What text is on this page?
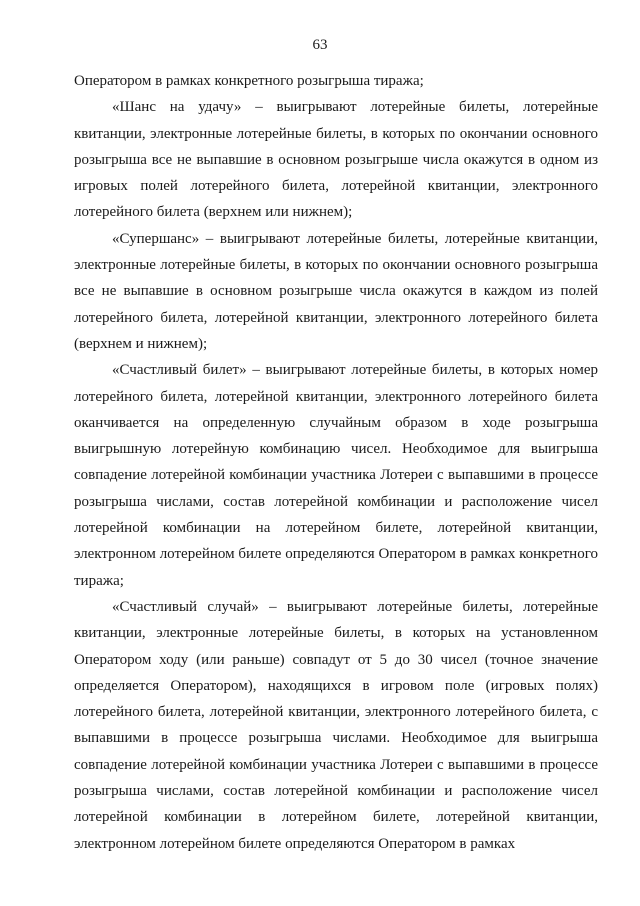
63

Оператором в рамках конкретного розыгрыша тиража;

«Шанс на удачу» – выигрывают лотерейные билеты, лотерейные квитанции, электронные лотерейные билеты, в которых по окончании основного розыгрыша все не выпавшие в основном розыгрыше числа окажутся в одном из игровых полей лотерейного билета, лотерейной квитанции, электронного лотерейного билета (верхнем или нижнем);

«Супершанс» – выигрывают лотерейные билеты, лотерейные квитанции, электронные лотерейные билеты, в которых по окончании основного розыгрыша все не выпавшие в основном розыгрыше числа окажутся в каждом из полей лотерейного билета, лотерейной квитанции, электронного лотерейного билета (верхнем и нижнем);

«Счастливый билет» – выигрывают лотерейные билеты, в которых номер лотерейного билета, лотерейной квитанции, электронного лотерейного билета оканчивается на определенную случайным образом в ходе розыгрыша выигрышную лотерейную комбинацию чисел. Необходимое для выигрыша совпадение лотерейной комбинации участника Лотереи с выпавшими в процессе розыгрыша числами, состав лотерейной комбинации и расположение чисел лотерейной комбинации на лотерейном билете, лотерейной квитанции, электронном лотерейном билете определяются Оператором в рамках конкретного тиража;

«Счастливый случай» – выигрывают лотерейные билеты, лотерейные квитанции, электронные лотерейные билеты, в которых на установленном Оператором ходу (или раньше) совпадут от 5 до 30 чисел (точное значение определяется Оператором), находящихся в игровом поле (игровых полях) лотерейного билета, лотерейной квитанции, электронного лотерейного билета, с выпавшими в процессе розыгрыша числами. Необходимое для выигрыша совпадение лотерейной комбинации участника Лотереи с выпавшими в процессе розыгрыша числами, состав лотерейной комбинации и расположение чисел лотерейной комбинации в лотерейном билете, лотерейной квитанции, электронном лотерейном билете определяются Оператором в рамках
